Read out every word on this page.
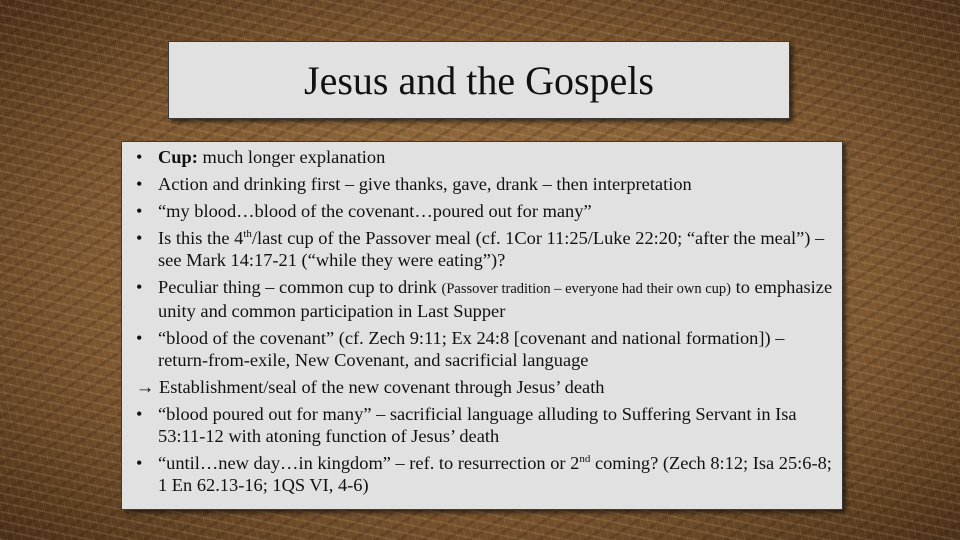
Jesus and the Gospels
• Cup: much longer explanation
• Action and drinking first – give thanks, gave, drank – then interpretation
• “my blood…blood of the covenant…poured out for many”
• Is this the 4th/last cup of the Passover meal (cf. 1Cor 11:25/Luke 22:20; “after the meal”) – see Mark 14:17-21 (“while they were eating”)?
• Peculiar thing – common cup to drink (Passover tradition – everyone had their own cup) to emphasize unity and common participation in Last Supper
• “blood of the covenant” (cf. Zech 9:11; Ex 24:8 [covenant and national formation]) – return-from-exile, New Covenant, and sacrificial language
→ Establishment/seal of the new covenant through Jesus’ death
• “blood poured out for many” – sacrificial language alluding to Suffering Servant in Isa 53:11-12 with atoning function of Jesus’ death
• “until…new day…in kingdom” – ref. to resurrection or 2nd coming? (Zech 8:12; Isa 25:6-8; 1 En 62.13-16; 1QS VI, 4-6)
